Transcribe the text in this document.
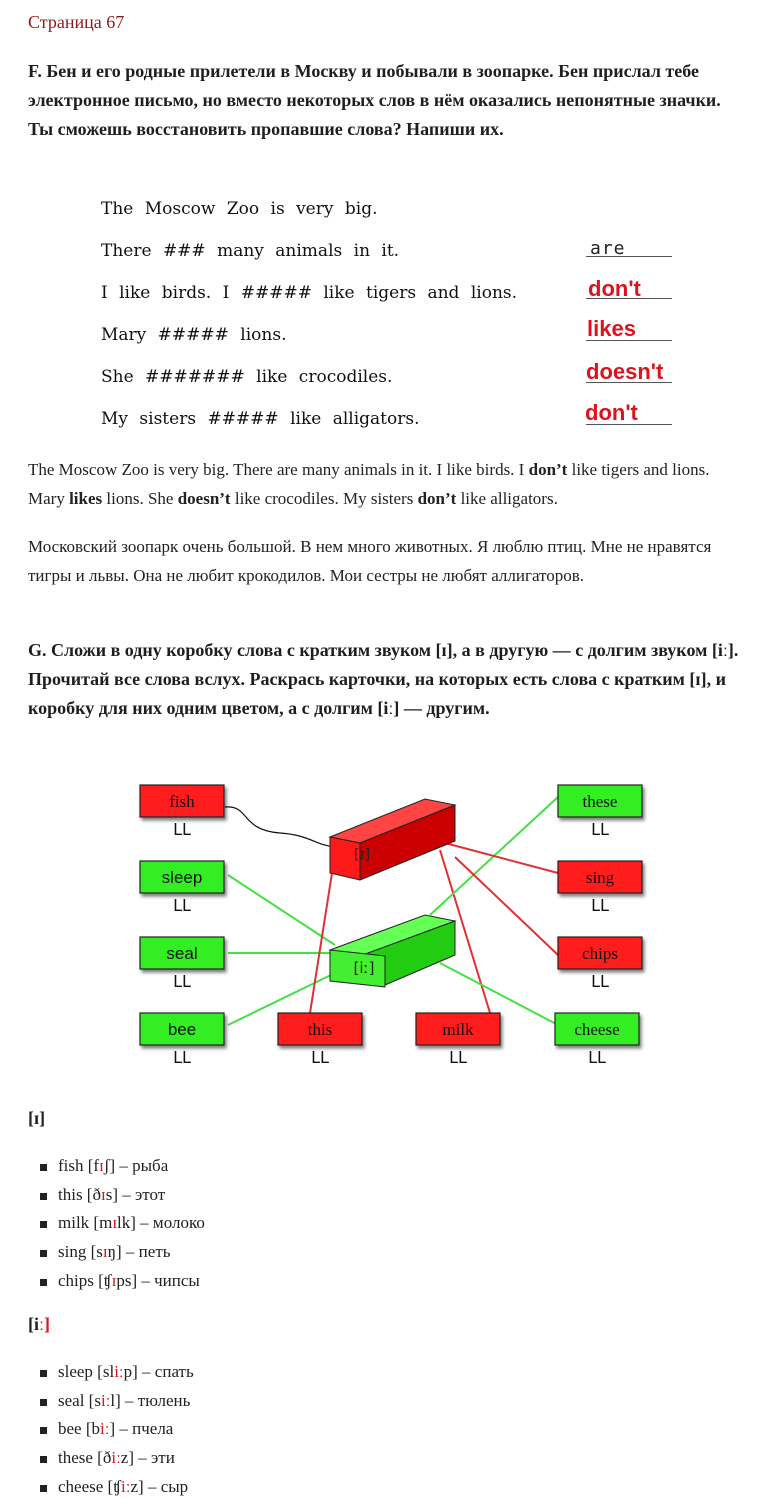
Страница 67
F. Бен и его родные прилетели в Москву и побывали в зоопарке. Бен прислал тебе электронное письмо, но вместо некоторых слов в нём оказались непонятные значки. Ты сможешь восстановить пропавшие слова? Напиши их.
The Moscow Zoo is very big.
There ### many animals in it.
I like birds. I ##### like tigers and lions.
Mary ##### lions.
She ####### like crocodiles.
My sisters ##### like alligators.
are
don't
likes
doesn't
don't
The Moscow Zoo is very big. There are many animals in it. I like birds. I don’t like tigers and lions. Mary likes lions. She doesn’t like crocodiles. My sisters don’t like alligators.
Московский зоопарк очень большой. В нем много животных. Я люблю птиц. Мне не нравятся тигры и львы. Она не любит крокодилов. Мои сестры не любят аллигаторов.
G. Сложи в одну коробку слова с кратким звуком [ɪ], а в другую — с долгим звуком [iː]. Прочитай все слова вслух. Раскрась карточки, на которых есть слова с кратким [ɪ], и коробку для них одним цветом, а с долгим [iː] — другим.
[ɪ]
[iː]
fish
ᒪᒪ
sleep
ᒪᒪ
seal
ᒪᒪ
bee
ᒪᒪ
this
ᒪᒪ
milk
ᒪᒪ
these
ᒪᒪ
sing
ᒪᒪ
chips
ᒪᒪ
cheese
ᒪᒪ
[ɪ]
fish [fɪʃ] – рыба
this [ðɪs] – этот
milk [mɪlk] – молоко
sing [sɪŋ] – петь
chips [ʧɪps] – чипсы
[iː]
sleep [sliːp] – спать
seal [siːl] – тюлень
bee [biː] – пчела
these [ðiːz] – эти
cheese [ʧiːz] – сыр
